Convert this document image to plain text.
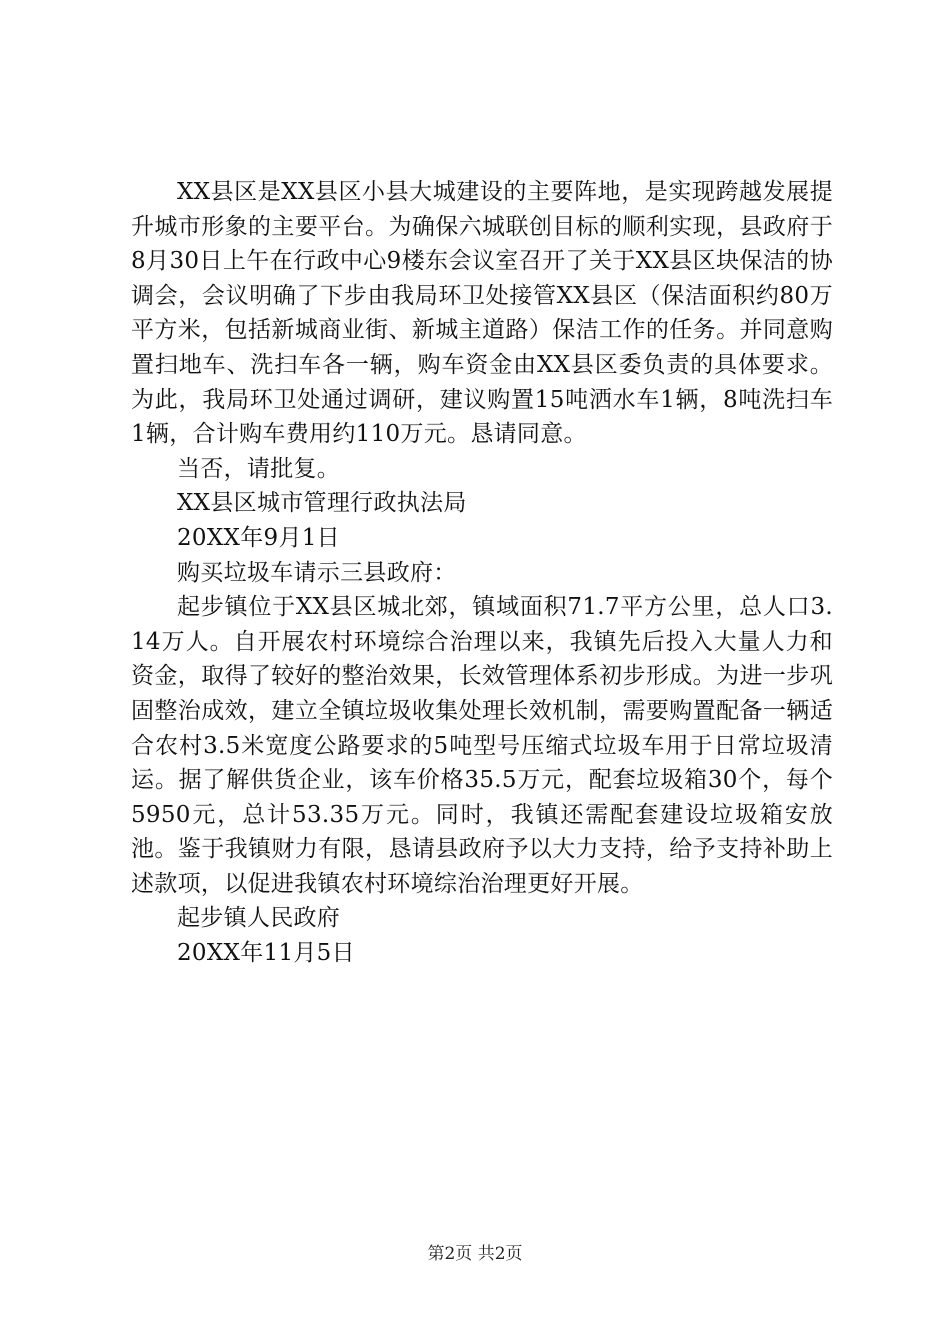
XX县区是XX县区小县大城建设的主要阵地，是实现跨越发展提升城市形象的主要平台。为确保六城联创目标的顺利实现，县政府于8月30日上午在行政中心9楼东会议室召开了关于XX县区块保洁的协调会，会议明确了下步由我局环卫处接管XX县区（保洁面积约80万平方米，包括新城商业街、新城主道路）保洁工作的任务。并同意购置扫地车、洗扫车各一辆，购车资金由XX县区委负责的具体要求。为此，我局环卫处通过调研，建议购置15吨洒水车1辆，8吨洗扫车1辆，合计购车费用约110万元。恳请同意。

当否，请批复。

XX县区城市管理行政执法局

20XX年9月1日

购买垃圾车请示三县政府：

起步镇位于XX县区城北郊，镇域面积71.7平方公里，总人口3.14万人。自开展农村环境综合治理以来，我镇先后投入大量人力和资金，取得了较好的整治效果，长效管理体系初步形成。为进一步巩固整治成效，建立全镇垃圾收集处理长效机制，需要购置配备一辆适合农村3.5米宽度公路要求的5吨型号压缩式垃圾车用于日常垃圾清运。据了解供货企业，该车价格35.5万元，配套垃圾箱30个，每个5950元，总计53.35万元。同时，我镇还需配套建设垃圾箱安放池。鉴于我镇财力有限，恳请县政府予以大力支持，给予支持补助上述款项，以促进我镇农村环境综治治理更好开展。

起步镇人民政府

20XX年11月5日

第2页 共2页
